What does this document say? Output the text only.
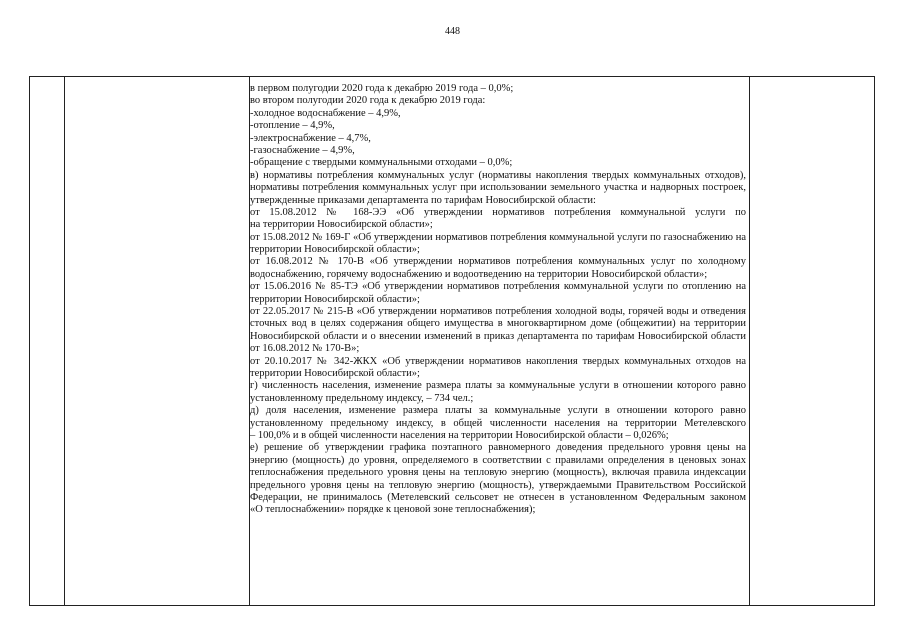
448
в первом полугодии 2020 года к декабрю 2019 года – 0,0%;
во втором полугодии 2020 года к декабрю 2019 года:
-холодное водоснабжение – 4,9%,
-отопление – 4,9%,
-электроснабжение – 4,7%,
-газоснабжение – 4,9%,
-обращение с твердыми коммунальными отходами – 0,0%;
в) нормативы потребления коммунальных услуг (нормативы накопления твердых коммунальных отходов),
нормативы потребления коммунальных услуг при использовании земельного участка и надворных построек,
утвержденные приказами департамента по тарифам Новосибирской области:
от 15.08.2012 № 168-ЭЭ «Об утверждении нормативов потребления коммунальной услуги по
на территории Новосибирской области»;
от 15.08.2012 № 169-Г «Об утверждении нормативов потребления коммунальной услуги по газоснабжению на
территории Новосибирской области»;
от 16.08.2012 № 170-В «Об утверждении нормативов потребления коммунальных услуг по холодному
водоснабжению, горячему водоснабжению и водоотведению на территории Новосибирской области»;
от 15.06.2016 № 85-ТЭ «Об утверждении нормативов потребления коммунальной услуги по отоплению на
территории Новосибирской области»;
от 22.05.2017 № 215-В «Об утверждении нормативов потребления холодной воды, горячей воды и отведения
сточных вод в целях содержания общего имущества в многоквартирном доме (общежитии) на территории
Новосибирской области и о внесении изменений в приказ департамента по тарифам Новосибирской области
от 16.08.2012 № 170-В»;
от 20.10.2017 № 342-ЖКХ «Об утверждении нормативов накопления твердых коммунальных отходов на
территории Новосибирской области»;
г) численность населения, изменение размера платы за коммунальные услуги в отношении которого равно
установленному предельному индексу, – 734 чел.;
д) доля населения, изменение размера платы за коммунальные услуги в отношении которого равно
установленному предельному индексу, в общей численности населения на территории Метелевского
– 100,0% и в общей численности населения на территории Новосибирской области – 0,026%;
е) решение об утверждении графика поэтапного равномерного доведения предельного уровня цены на
энергию (мощность) до уровня, определяемого в соответствии с правилами определения в ценовых зонах
теплоснабжения предельного уровня цены на тепловую энергию (мощность), включая правила индексации
предельного уровня цены на тепловую энергию (мощность), утверждаемыми Правительством Российской
Федерации, не принималось (Метелевский сельсовет не отнесен в установленном Федеральным законом
«О теплоснабжении» порядке к ценовой зоне теплоснабжения);
